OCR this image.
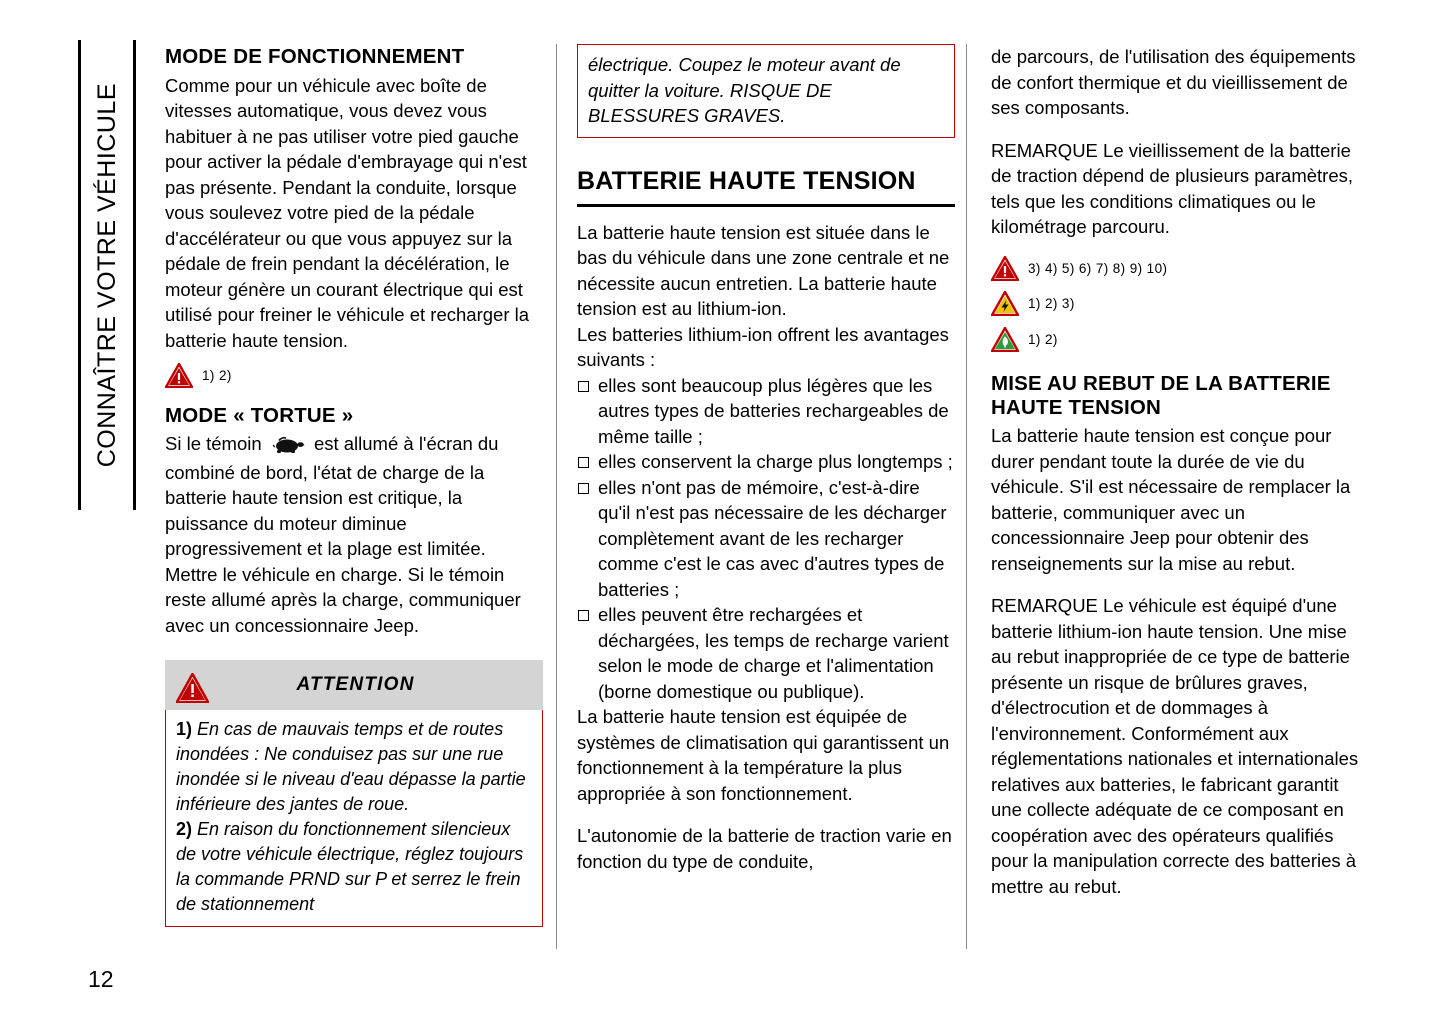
CONNAÎTRE VOTRE VÉHICULE
MODE DE FONCTIONNEMENT

Comme pour un véhicule avec boîte de vitesses automatique, vous devez vous habituer à ne pas utiliser votre pied gauche pour activer la pédale d'embrayage qui n'est pas présente. Pendant la conduite, lorsque vous soulevez votre pied de la pédale d'accélérateur ou que vous appuyez sur la pédale de frein pendant la décélération, le moteur génère un courant électrique qui est utilisé pour freiner le véhicule et recharger la batterie haute tension.

1) 2)
MODE « TORTUE »

Si le témoin	est allumé à l'écran du combiné de bord, l'état de charge de la batterie haute tension est critique, la puissance du moteur diminue progressivement et la plage est limitée. Mettre le véhicule en charge. Si le témoin reste allumé après la charge, communiquer avec un concessionnaire Jeep.

ATTENTION

1) En cas de mauvais temps et de routes inondées : Ne conduisez pas sur une rue inondée si le niveau d'eau dépasse la partie inférieure des jantes de roue.

2) En raison du fonctionnement silencieux de votre véhicule électrique, réglez toujours la commande PRND sur P et serrez le frein de stationnement

électrique. Coupez le moteur avant de quitter la voiture. RISQUE DE BLESSURES GRAVES.
BATTERIE HAUTE TENSION

La batterie haute tension est située dans le bas du véhicule dans une zone centrale et ne nécessite aucun entretien. La batterie haute tension est au lithium-ion.

Les batteries lithium-ion offrent les avantages suivants :

elles sont beaucoup plus légères que les autres types de batteries rechargeables de même taille ;
elles conservent la charge plus longtemps ;
elles n'ont pas de mémoire, c'est-à-dire qu'il n'est pas nécessaire de les décharger complètement avant de les recharger comme c'est le cas avec d'autres types de batteries ;
elles peuvent être rechargées et déchargées, les temps de recharge varient selon le mode de charge et l'alimentation (borne domestique ou publique).

La batterie haute tension est équipée de systèmes de climatisation qui garantissent un fonctionnement à la température la plus appropriée à son fonctionnement.

L'autonomie de la batterie de traction varie en fonction du type de conduite,

de parcours, de l'utilisation des équipements de confort thermique et du vieillissement de ses composants.

REMARQUE Le vieillissement de la batterie de traction dépend de plusieurs paramètres, tels que les conditions climatiques ou le kilométrage parcouru.

3) 4) 5) 6) 7) 8) 9) 10)
1) 2) 3)
1) 2)
MISE AU REBUT DE LA BATTERIE HAUTE TENSION

La batterie haute tension est conçue pour durer pendant toute la durée de vie du véhicule. S'il est nécessaire de remplacer la batterie, communiquer avec un concessionnaire Jeep pour obtenir des renseignements sur la mise au rebut.

REMARQUE Le véhicule est équipé d'une batterie lithium-ion haute tension. Une mise au rebut inappropriée de ce type de batterie présente un risque de brûlures graves, d'électrocution et de dommages à l'environnement. Conformément aux réglementations nationales et internationales relatives aux batteries, le fabricant garantit une collecte adéquate de ce composant en coopération avec des opérateurs qualifiés pour la manipulation correcte des batteries à mettre au rebut.

12
